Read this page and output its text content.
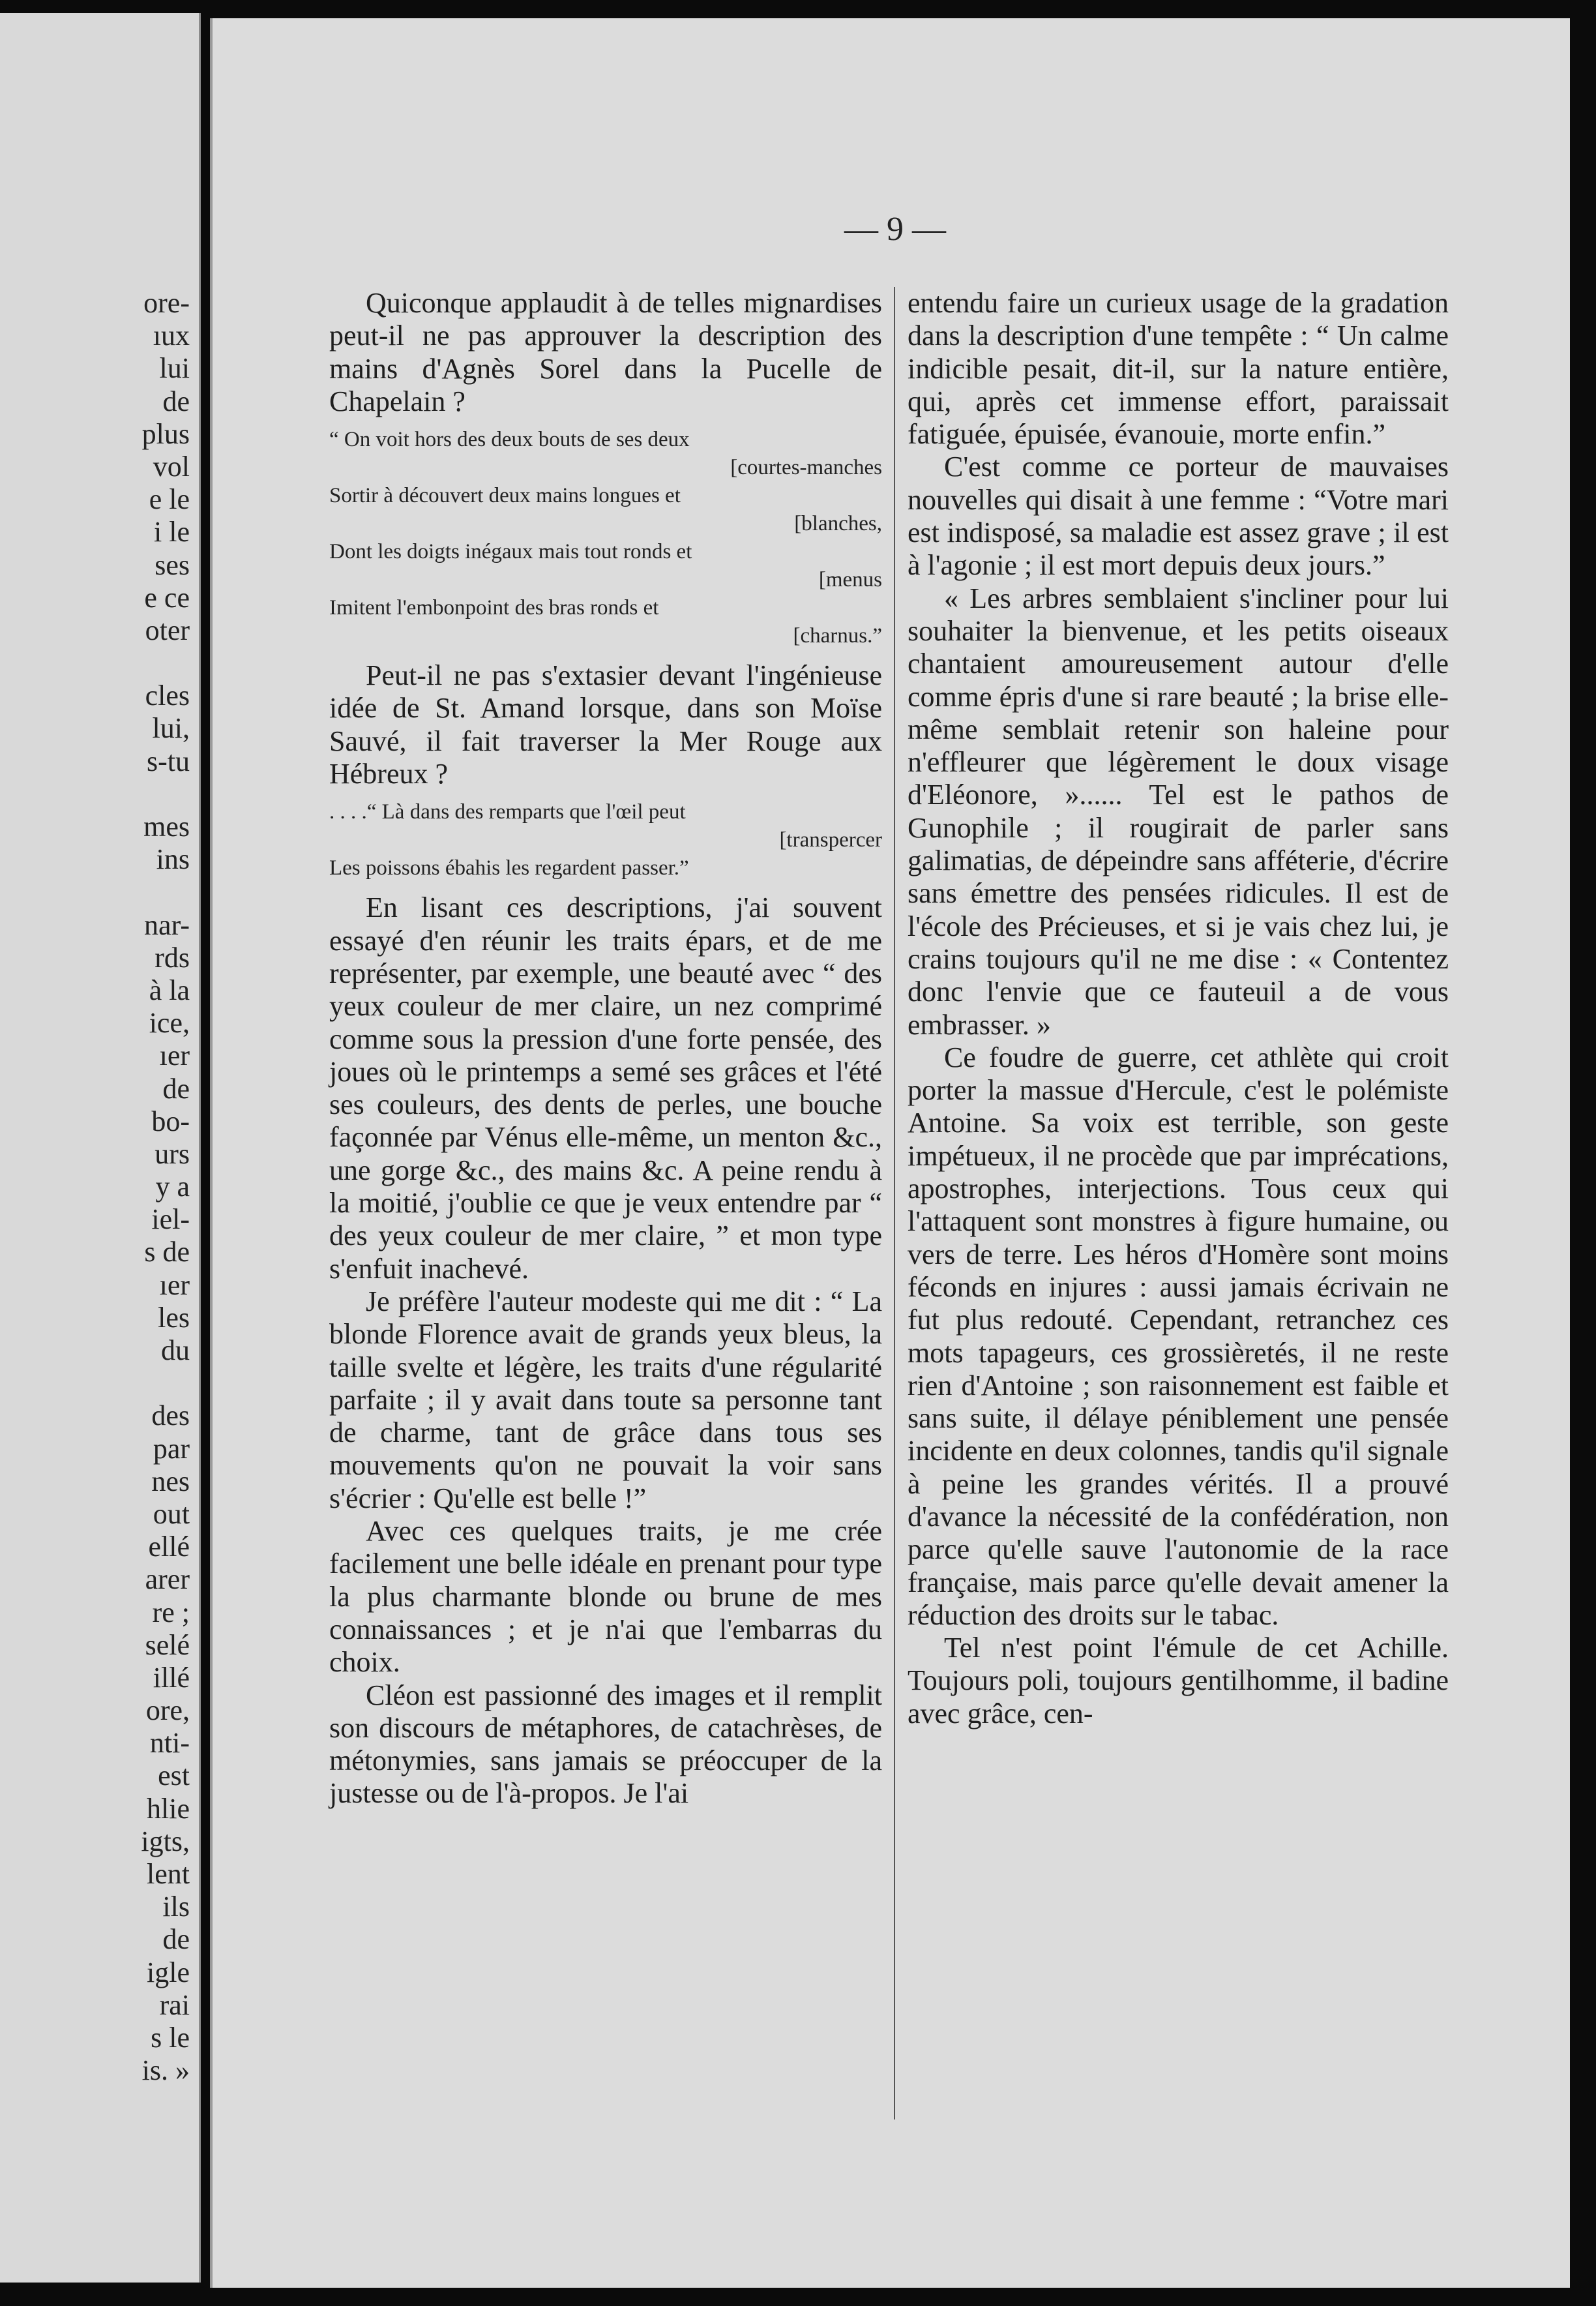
ore-
ıux
lui
de
plus
vol
e le
i le
ses
e ce
oter
cles
lui,
s-tu
mes
ins
nar-
rds
à la
ice,
ıer
de
bo-
urs
y a
iel-
s de
ıer
les
du
des
par
nes
out
ellé
arer
re ;
selé
illé
ore,
nti-
est
hlie
igts,
lent
ils
de
igle
rai
s le
is. »
— 9 —
Quiconque applaudit à de telles mignardises peut-il ne pas approuver la description des mains d'Agnès Sorel dans la Pucelle de Chapelain ?
“ On voit hors des deux bouts de ses deux
[courtes-manches
Sortir à découvert deux mains longues et
[blanches,
Dont les doigts inégaux mais tout ronds et
[menus
Imitent l'embonpoint des bras ronds et
[charnus.”
Peut-il ne pas s'extasier devant l'ingénieuse idée de St. Amand lorsque, dans son Moïse Sauvé, il fait traverser la Mer Rouge aux Hébreux ?
. . . .“ Là dans des remparts que l'œil peut
[transpercer
Les poissons ébahis les regardent passer.”
En lisant ces descriptions, j'ai souvent essayé d'en réunir les traits épars, et de me représenter, par exemple, une beauté avec “ des yeux couleur de mer claire, un nez comprimé comme sous la pression d'une forte pensée, des joues où le printemps a semé ses grâces et l'été ses couleurs, des dents de perles, une bouche façonnée par Vénus elle-même, un menton &c., une gorge &c., des mains &c. A peine rendu à la moitié, j'oublie ce que je veux entendre par “ des yeux couleur de mer claire, ” et mon type s'enfuit inachevé.
Je préfère l'auteur modeste qui me dit : “ La blonde Florence avait de grands yeux bleus, la taille svelte et légère, les traits d'une régularité parfaite ; il y avait dans toute sa personne tant de charme, tant de grâce dans tous ses mouvements qu'on ne pouvait la voir sans s'écrier : Qu'elle est belle !”
Avec ces quelques traits, je me crée facilement une belle idéale en prenant pour type la plus charmante blonde ou brune de mes connaissances ; et je n'ai que l'embarras du choix.
Cléon est passionné des images et il remplit son discours de métaphores, de catachrèses, de métonymies, sans jamais se préoccuper de la justesse ou de l'à-propos. Je l'ai
entendu faire un curieux usage de la gradation dans la description d'une tempête : “ Un calme indicible pesait, dit-il, sur la nature entière, qui, après cet immense effort, paraissait fatiguée, épuisée, évanouie, morte enfin.”
C'est comme ce porteur de mauvaises nouvelles qui disait à une femme : “Votre mari est indisposé, sa maladie est assez grave ; il est à l'agonie ; il est mort depuis deux jours.”
« Les arbres semblaient s'incliner pour lui souhaiter la bienvenue, et les petits oiseaux chantaient amoureusement autour d'elle comme épris d'une si rare beauté ; la brise elle-même semblait retenir son haleine pour n'effleurer que légèrement le doux visage d'Eléonore, »...... Tel est le pathos de Gunophile ; il rougirait de parler sans galimatias, de dépeindre sans afféterie, d'écrire sans émettre des pensées ridicules. Il est de l'école des Précieuses, et si je vais chez lui, je crains toujours qu'il ne me dise : « Contentez donc l'envie que ce fauteuil a de vous embrasser. »
Ce foudre de guerre, cet athlète qui croit porter la massue d'Hercule, c'est le polémiste Antoine. Sa voix est terrible, son geste impétueux, il ne procède que par imprécations, apostrophes, interjections. Tous ceux qui l'attaquent sont monstres à figure humaine, ou vers de terre. Les héros d'Homère sont moins féconds en injures : aussi jamais écrivain ne fut plus redouté. Cependant, retranchez ces mots tapageurs, ces grossièretés, il ne reste rien d'Antoine ; son raisonnement est faible et sans suite, il délaye péniblement une pensée incidente en deux colonnes, tandis qu'il signale à peine les grandes vérités. Il a prouvé d'avance la nécessité de la confédération, non parce qu'elle sauve l'autonomie de la race française, mais parce qu'elle devait amener la réduction des droits sur le tabac.
Tel n'est point l'émule de cet Achille. Toujours poli, toujours gentilhomme, il badine avec grâce, cen-
